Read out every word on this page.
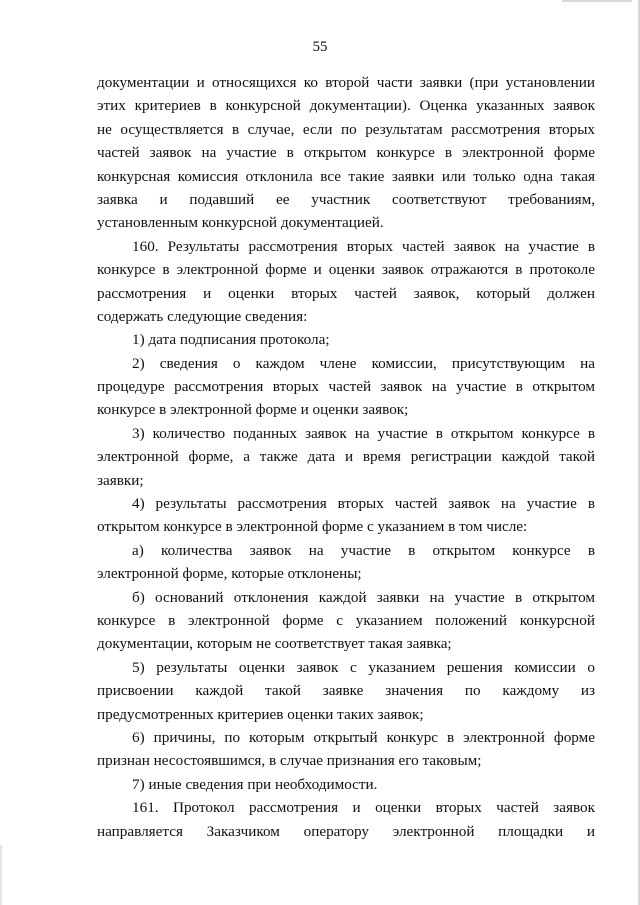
55
документации и относящихся ко второй части заявки (при установлении
этих критериев в конкурсной документации). Оценка указанных заявок
не осуществляется в случае, если по результатам рассмотрения вторых
частей заявок на участие в открытом конкурсе в электронной форме
конкурсная комиссия отклонила все такие заявки или только одна такая
заявка и подавший ее участник соответствуют требованиям,
установленным конкурсной документацией.
160. Результаты рассмотрения вторых частей заявок на участие в
конкурсе в электронной форме и оценки заявок отражаются в протоколе
рассмотрения и оценки вторых частей заявок, который должен
содержать следующие сведения:
1) дата подписания протокола;
2) сведения о каждом члене комиссии, присутствующим на
процедуре рассмотрения вторых частей заявок на участие в открытом
конкурсе в электронной форме и оценки заявок;
3) количество поданных заявок на участие в открытом конкурсе в
электронной форме, а также дата и время регистрации каждой такой
заявки;
4) результаты рассмотрения вторых частей заявок на участие в
открытом конкурсе в электронной форме с указанием в том числе:
а) количества заявок на участие в открытом конкурсе в
электронной форме, которые отклонены;
б) оснований отклонения каждой заявки на участие в открытом
конкурсе в электронной форме с указанием положений конкурсной
документации, которым не соответствует такая заявка;
5) результаты оценки заявок с указанием решения комиссии о
присвоении каждой такой заявке значения по каждому из
предусмотренных критериев оценки таких заявок;
6) причины, по которым открытый конкурс в электронной форме
признан несостоявшимся, в случае признания его таковым;
7) иные сведения при необходимости.
161. Протокол рассмотрения и оценки вторых частей заявок
направляется Заказчиком оператору электронной площадки и
